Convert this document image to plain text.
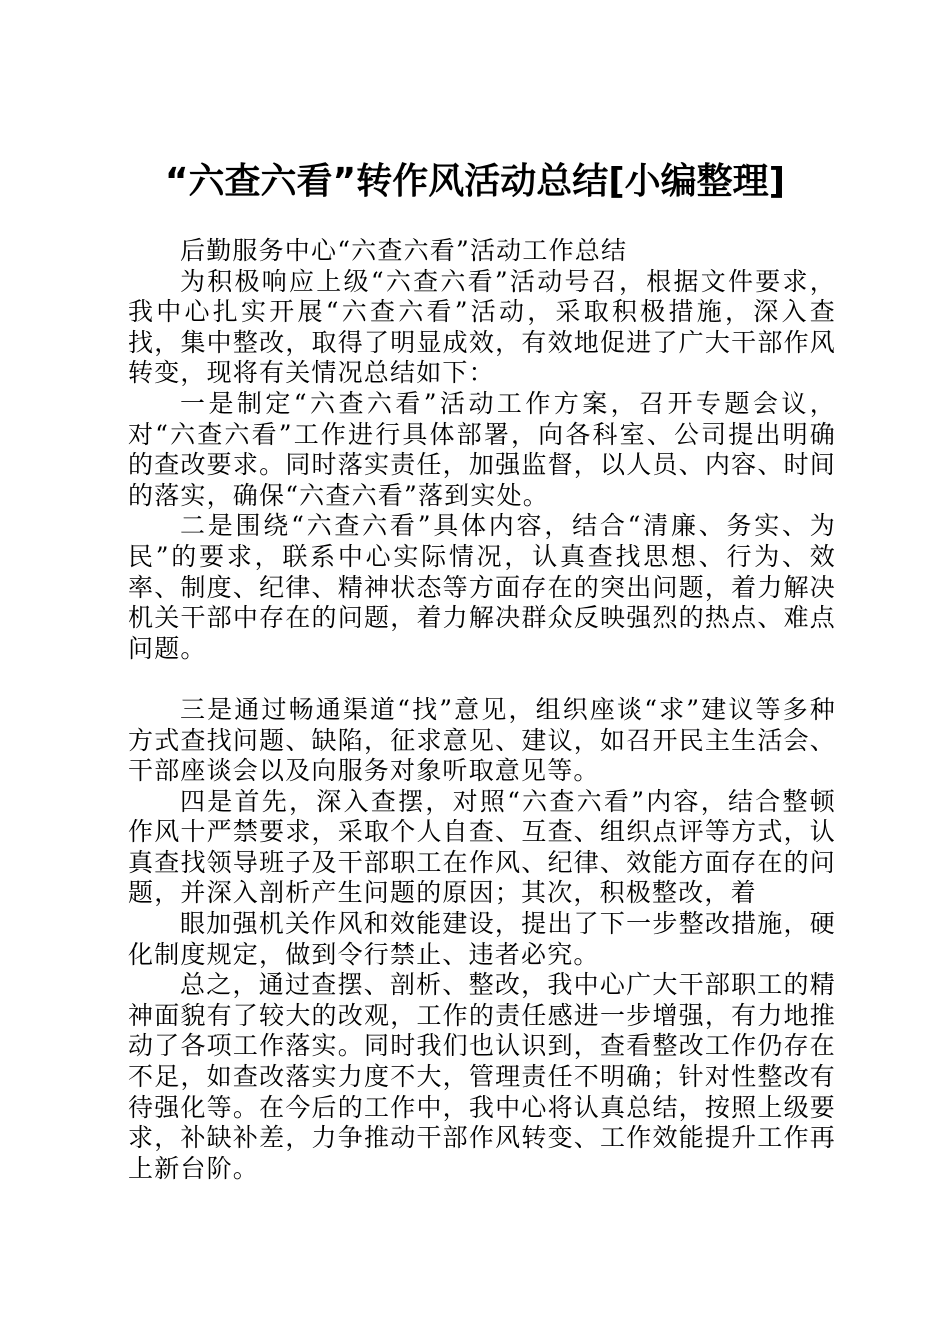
“六查六看”转作风活动总结[小编整理]

后勤服务中心“六查六看”活动工作总结

为积极响应上级“六查六看”活动号召，根据文件要求，我中心扎实开展“六查六看”活动，采取积极措施，深入查找，集中整改，取得了明显成效，有效地促进了广大干部作风转变，现将有关情况总结如下：

一是制定“六查六看”活动工作方案，召开专题会议，对“六查六看”工作进行具体部署，向各科室、公司提出明确的查改要求。同时落实责任，加强监督，以人员、内容、时间的落实，确保“六查六看”落到实处。

二是围绕“六查六看”具体内容，结合“清廉、务实、为民”的要求，联系中心实际情况，认真查找思想、行为、效率、制度、纪律、精神状态等方面存在的突出问题，着力解决机关干部中存在的问题，着力解决群众反映强烈的热点、难点问题。

三是通过畅通渠道“找”意见，组织座谈“求”建议等多种方式查找问题、缺陷，征求意见、建议，如召开民主生活会、干部座谈会以及向服务对象听取意见等。

四是首先，深入查摆，对照“六查六看”内容，结合整顿作风十严禁要求，采取个人自查、互查、组织点评等方式，认真查找领导班子及干部职工在作风、纪律、效能方面存在的问题，并深入剖析产生问题的原因；其次，积极整改，着

眼加强机关作风和效能建设，提出了下一步整改措施，硬化制度规定，做到令行禁止、违者必究。

总之，通过查摆、剖析、整改，我中心广大干部职工的精神面貌有了较大的改观，工作的责任感进一步增强，有力地推动了各项工作落实。同时我们也认识到，查看整改工作仍存在不足，如查改落实力度不大，管理责任不明确；针对性整改有待强化等。在今后的工作中，我中心将认真总结，按照上级要求，补缺补差，力争推动干部作风转变、工作效能提升工作再上新台阶。
